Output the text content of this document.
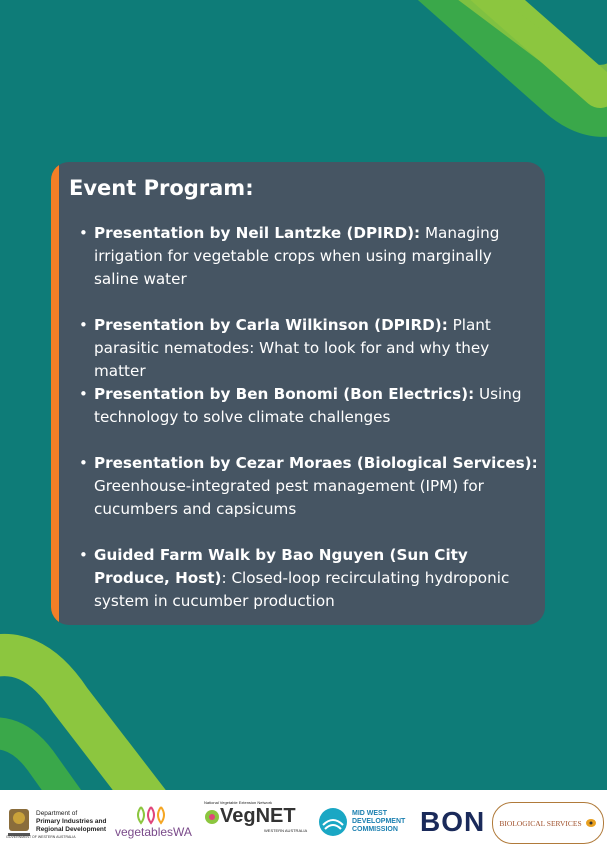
Event Program:
• Presentation by Neil Lantzke (DPIRD): Managing irrigation for vegetable crops when using marginally saline water
• Presentation by Carla Wilkinson (DPIRD): Plant parasitic nematodes: What to look for and why they matter
• Presentation by Ben Bonomi (Bon Electrics): Using technology to solve climate challenges
• Presentation by Cezar Moraes (Biological Services): Greenhouse-integrated pest management (IPM) for cucumbers and capsicums
• Guided Farm Walk by Bao Nguyen (Sun City Produce, Host): Closed-loop recirculating hydroponic system in cucumber production
Department of
Primary Industries and
Regional Development
GOVERNMENT OF WESTERN AUSTRALIA	vegetablesWA
National Vegetable Extension Network
VegNET
WESTERN AUSTRALIA
MID WEST
DEVELOPMENT
COMMISSION BON BIOLOGICAL SERVICES
